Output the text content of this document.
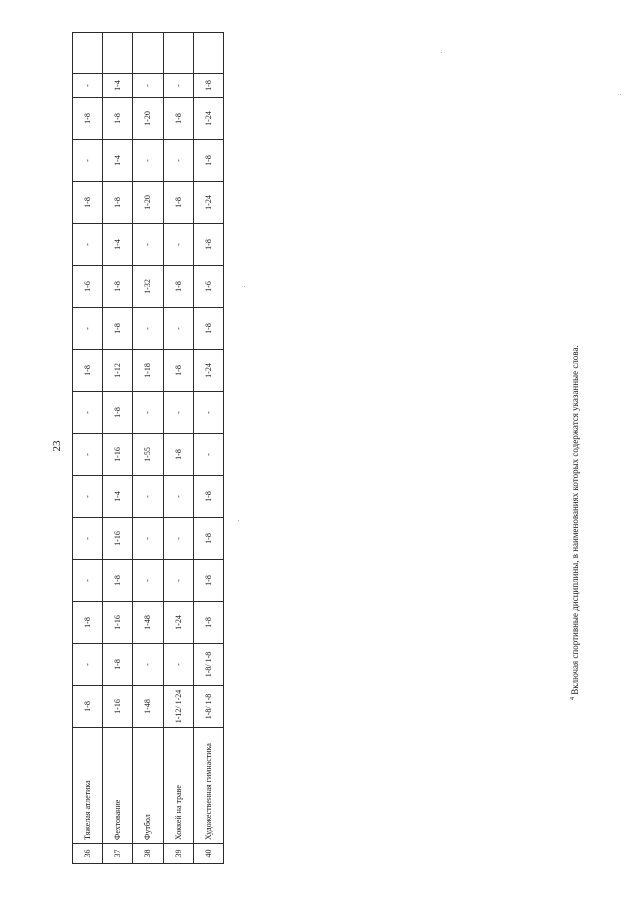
23
36	Тяжелая атлетика	1-8	-	1-8	-	-	-	-	-	1-8	-	1-6	-	1-8	-	1-8	-	
37	Фехтование	1-16	1-8	1-16	1-8	1-16	1-4	1-16	1-8	1-12	1-8	1-8	1-4	1-8	1-4	1-8	1-4	
38	Футбол	1-48	-	1-48	-	-	-	1-55	-	1-18	-	1-32	-	1-20	-	1-20	-	
39	Хоккей на траве	1-12/ 1-24	-	1-24	-	-	-	1-8	-	1-8	-	1-8	-	1-8	-	1-8	-	
40	Художественная гимнастика	1-8/ 1-8	1-8/ 1-8	1-8	1-8	1-8	1-8	-	-	1-24	1-8	1-6	1-8	1-24	1-8	1-24	1-8	
$^4$ Включая спортивные дисциплины, в наименованиях которых содержатся указанные слова.
